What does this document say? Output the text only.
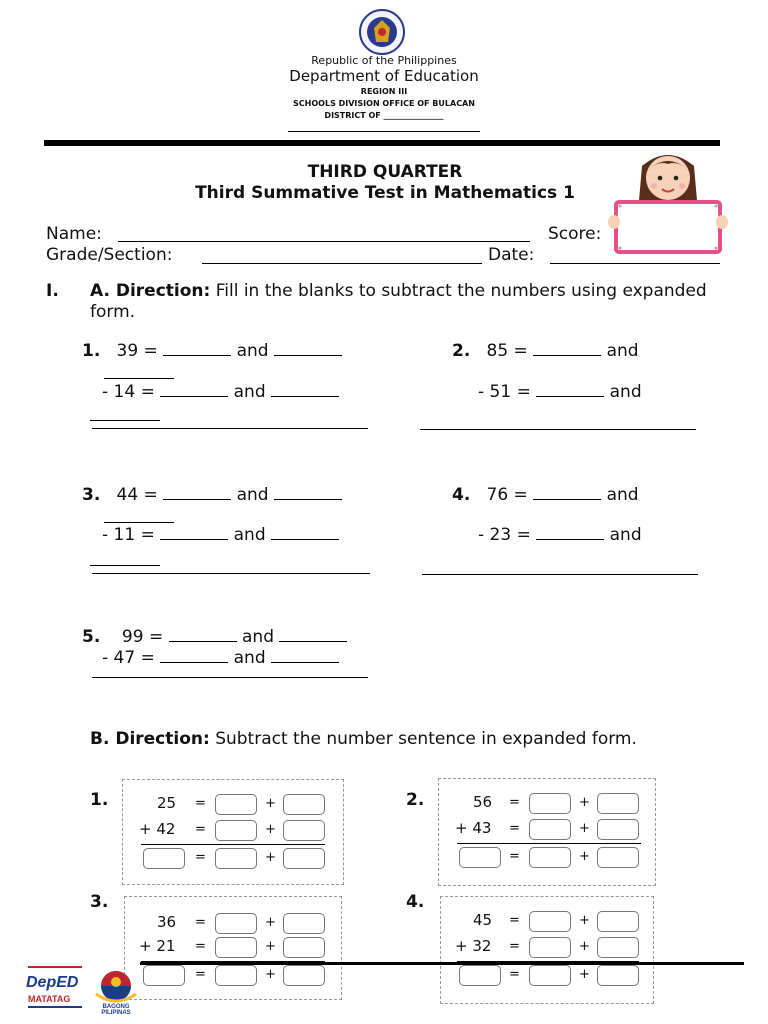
Republic of the Philippines
Department of Education
REGION III
SCHOOLS DIVISION OFFICE OF BULACAN
DISTRICT OF _______________
THIRD QUARTER
Third Summative Test in Mathematics 1
Name:	Score:
Grade/Section:	Date:
I. A. Direction: Fill in the blanks to subtract the numbers using expanded form.
1. 39 =	and
- 14 =	and
2. 85 =	and
- 51 =	and
3. 44 =	and
- 11 =	and
4. 76 =	and
- 23 =	and
5. 99 =	and
- 47 =	and
B. Direction: Subtract the number sentence in expanded form.
1.	2.
3.	4.
25 =	+
+ 42 =	+
=	+
56 =	+
+ 43 =	+
=	+
36 =	+
+ 21 =	+
=	+
45 =	+
+ 32 =	+
=	+
DepED
MATATAG
BAGONG PILIPINAS
